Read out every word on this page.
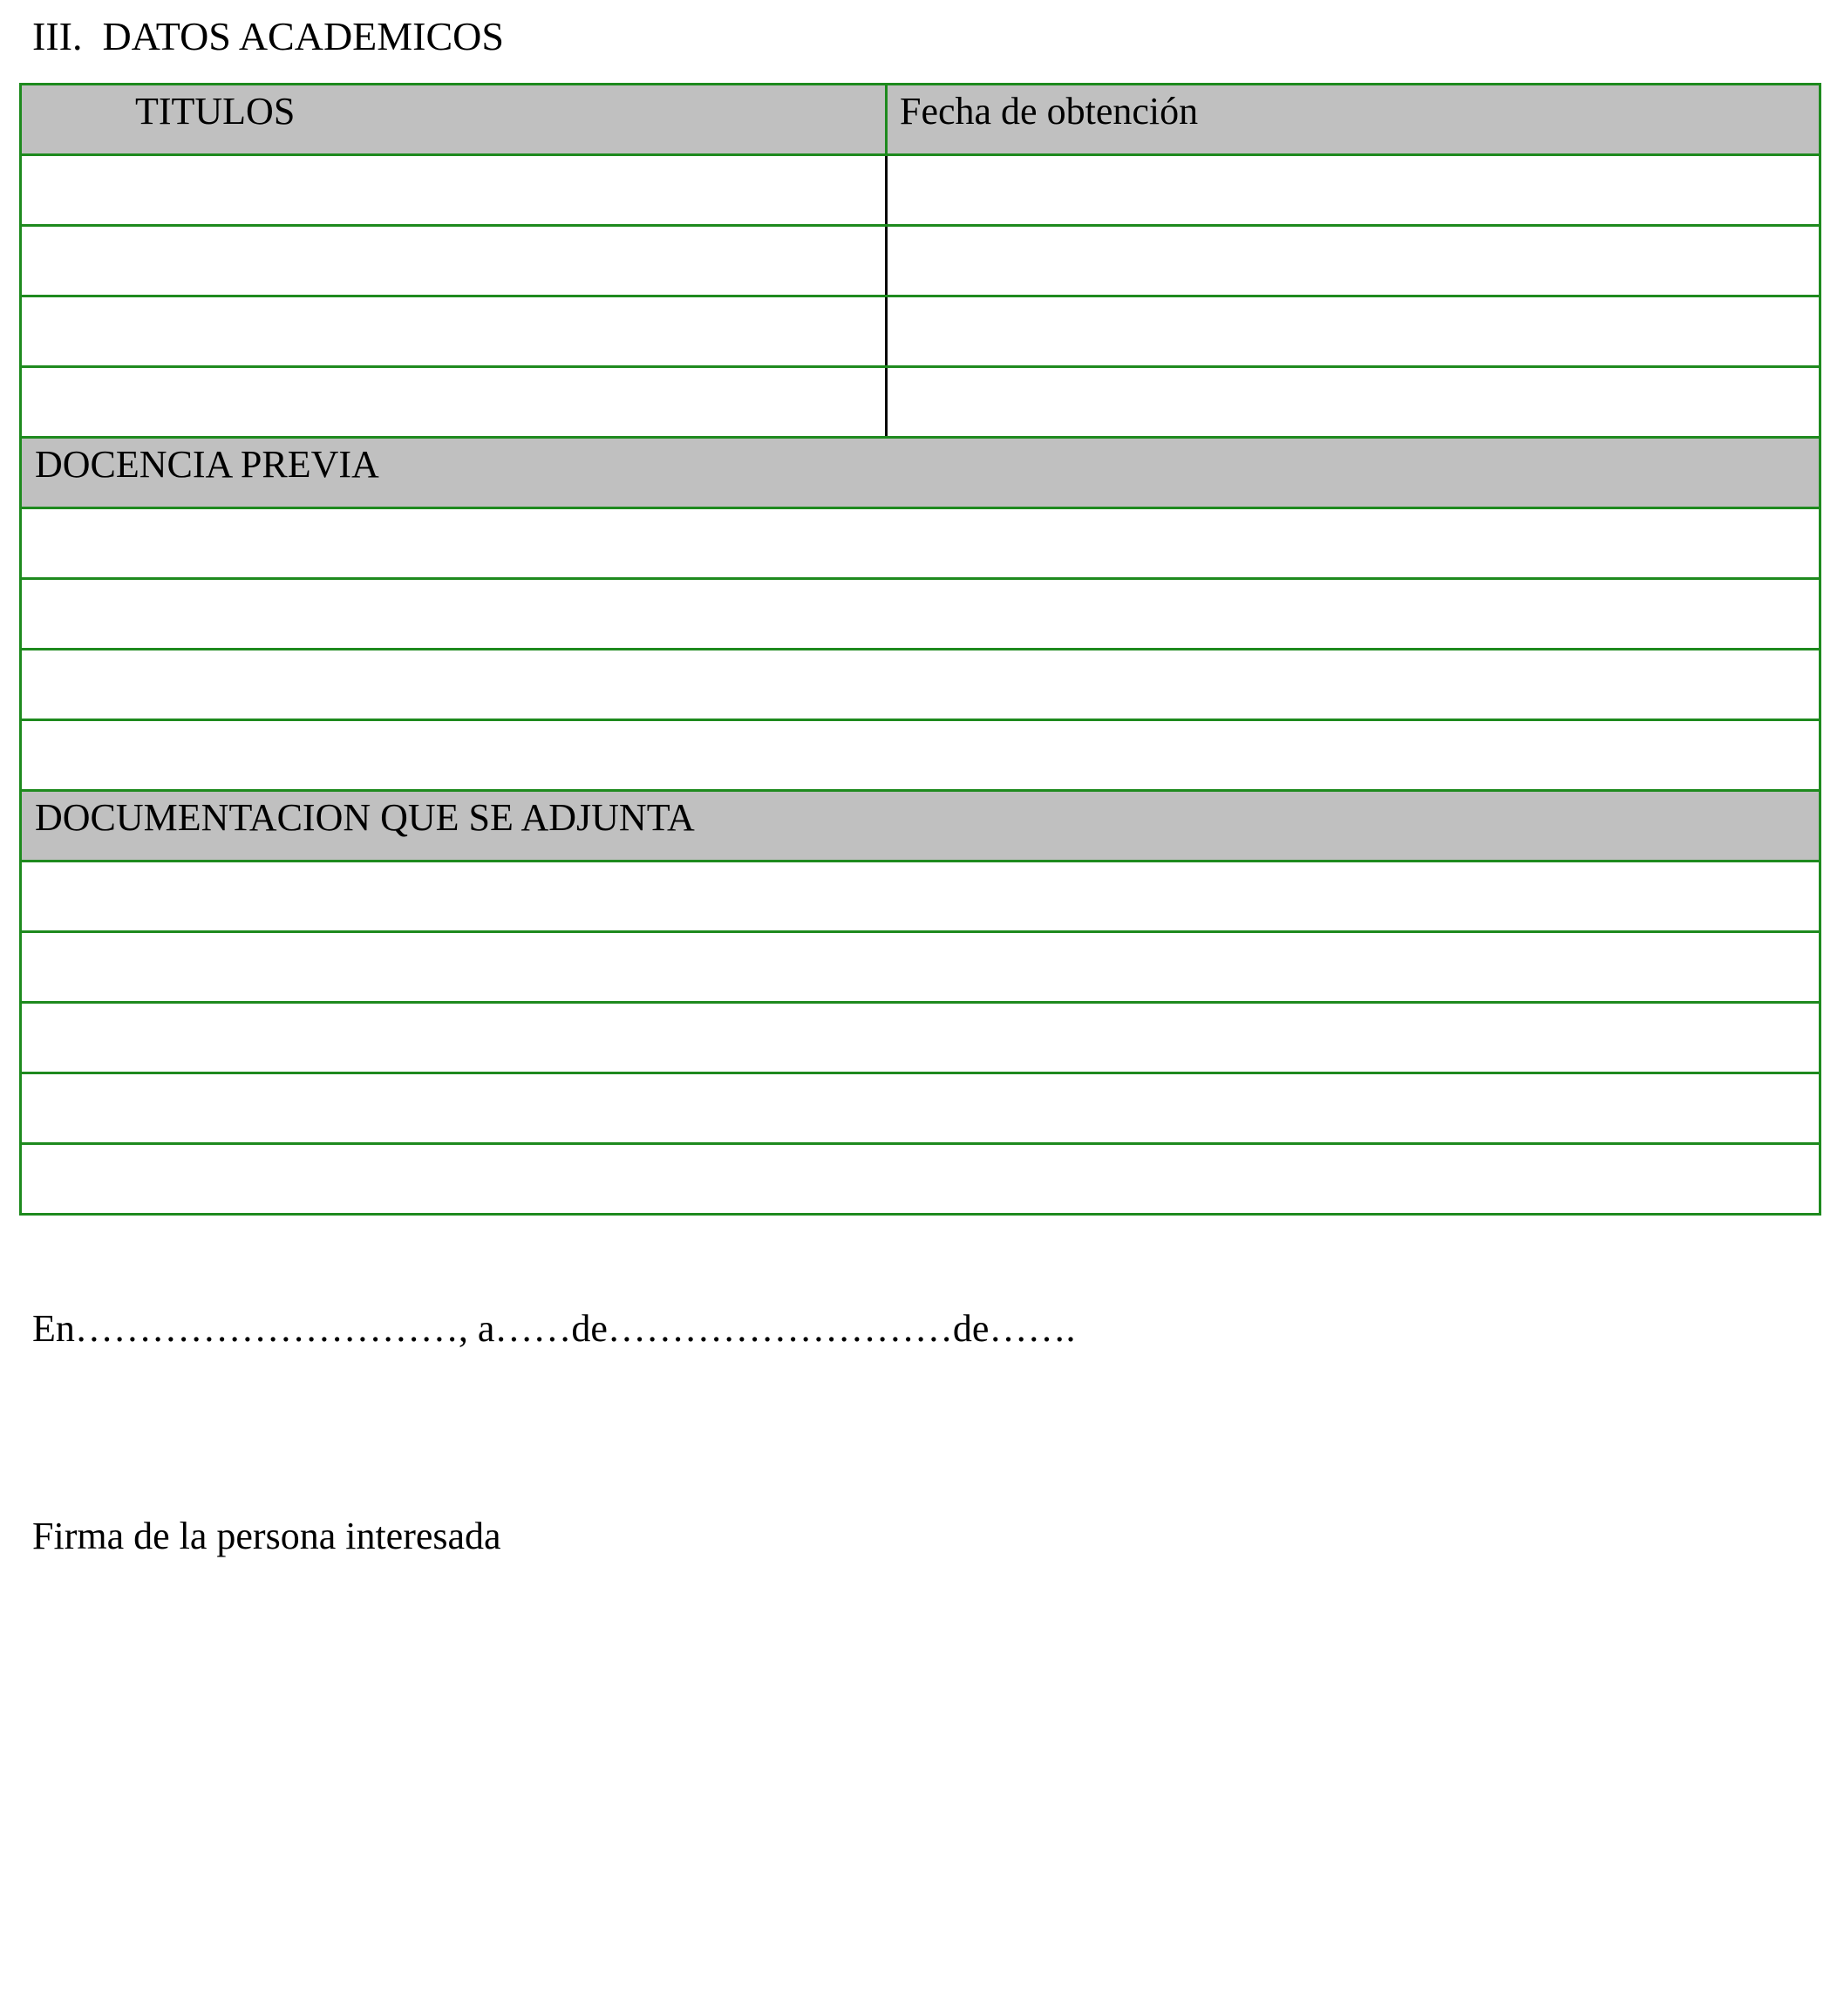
III.  DATOS ACADEMICOS
TITULOS	Fecha de obtención

DOCENCIA PREVIA	

DOCUMENTACION QUE SE ADJUNTA	

En…………………………, a……de………………………de…….
Firma de la persona interesada
